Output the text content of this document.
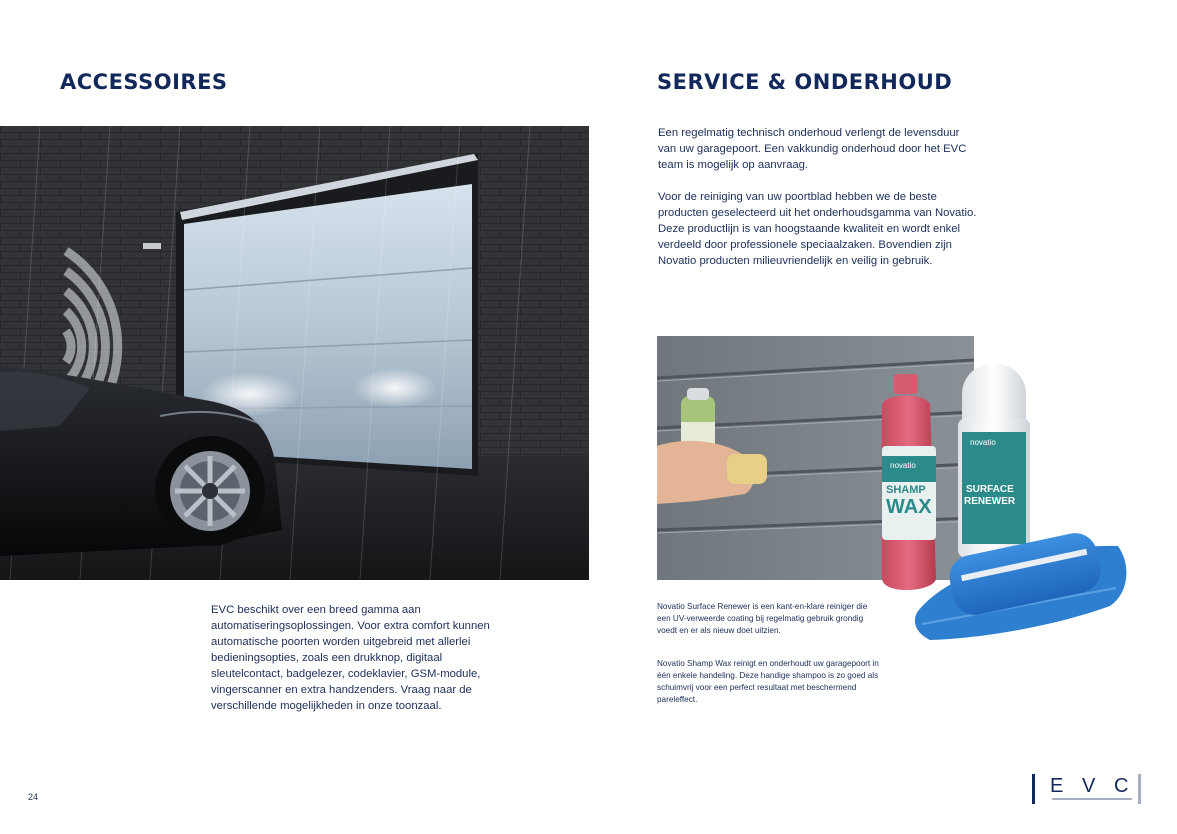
ACCESSOIRES	SERVICE & ONDERHOUD
EVC beschikt over een breed gamma aan automatiseringsoplossingen. Voor extra comfort kunnen automatische poorten worden uitgebreid met allerlei bedieningsopties, zoals een drukknop, digitaal sleutelcontact, badgelezer, codeklavier, GSM-module, vingerscanner en extra handzenders. Vraag naar de verschillende mogelijkheden in onze toonzaal.
Een regelmatig technisch onderhoud verlengt de levensduur van uw garagepoort. Een vakkundig onderhoud door het EVC team is mogelijk op aanvraag.
Voor de reiniging van uw poortblad hebben we de beste producten geselecteerd uit het onderhoudsgamma van Novatio. Deze productlijn is van hoogstaande kwaliteit en wordt enkel verdeeld door professionele speciaalzaken. Bovendien zijn Novatio producten milieuvriendelijk en veilig in gebruik.
novatio
SHAMP
WAX
novatio
SURFACE
RENEWER
Novatio Surface Renewer is een kant-en-klare reiniger die een UV-verweerde coating bij regelmatig gebruik grondig voedt en er als nieuw doet uitzien.
Novatio Shamp Wax reinigt en onderhoudt uw garagepoort in één enkele handeling. Deze handige shampoo is zo goed als schuimvrij voor een perfect resultaat met beschermend pareleffect.
24	E V C
